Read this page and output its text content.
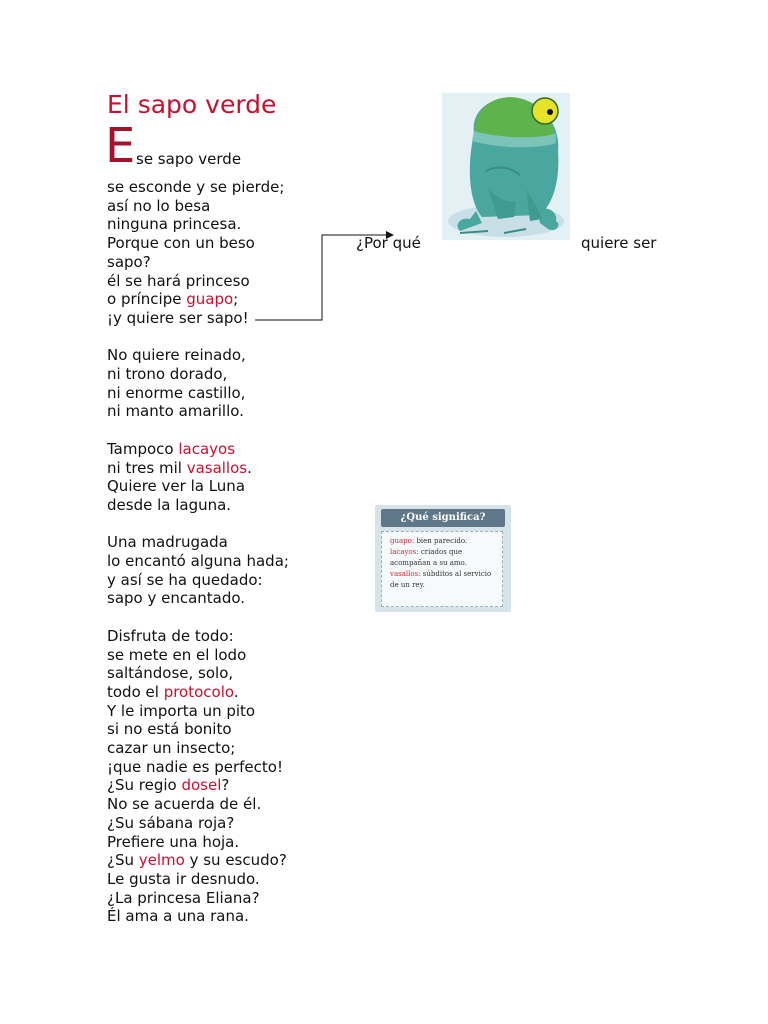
El sapo verde
E se sapo verde
se esconde y se pierde;
así no lo besa
ninguna princesa.
Porque con un beso
sapo?
él se hará princeso
o príncipe guapo;
¡y quiere ser sapo!
No quiere reinado,
ni trono dorado,
ni enorme castillo,
ni manto amarillo.
Tampoco lacayos
ni tres mil vasallos.
Quiere ver la Luna
desde la laguna.
Una madrugada
lo encantó alguna hada;
y así se ha quedado:
sapo y encantado.
Disfruta de todo:
se mete en el lodo
saltándose, solo,
todo el protocolo.
Y le importa un pito
si no está bonito
cazar un insecto;
¡que nadie es perfecto!
¿Su regio dosel?
No se acuerda de él.
¿Su sábana roja?
Prefiere una hoja.
¿Su yelmo y su escudo?
Le gusta ir desnudo.
¿La princesa Eliana?
Él ama a una rana.
¿Por qué	quiere ser
¿Qué significa?
guapo: bien parecido.
lacayos: criados que acompañan a su amo.
vasallos: súbditos al servicio de un rey.
